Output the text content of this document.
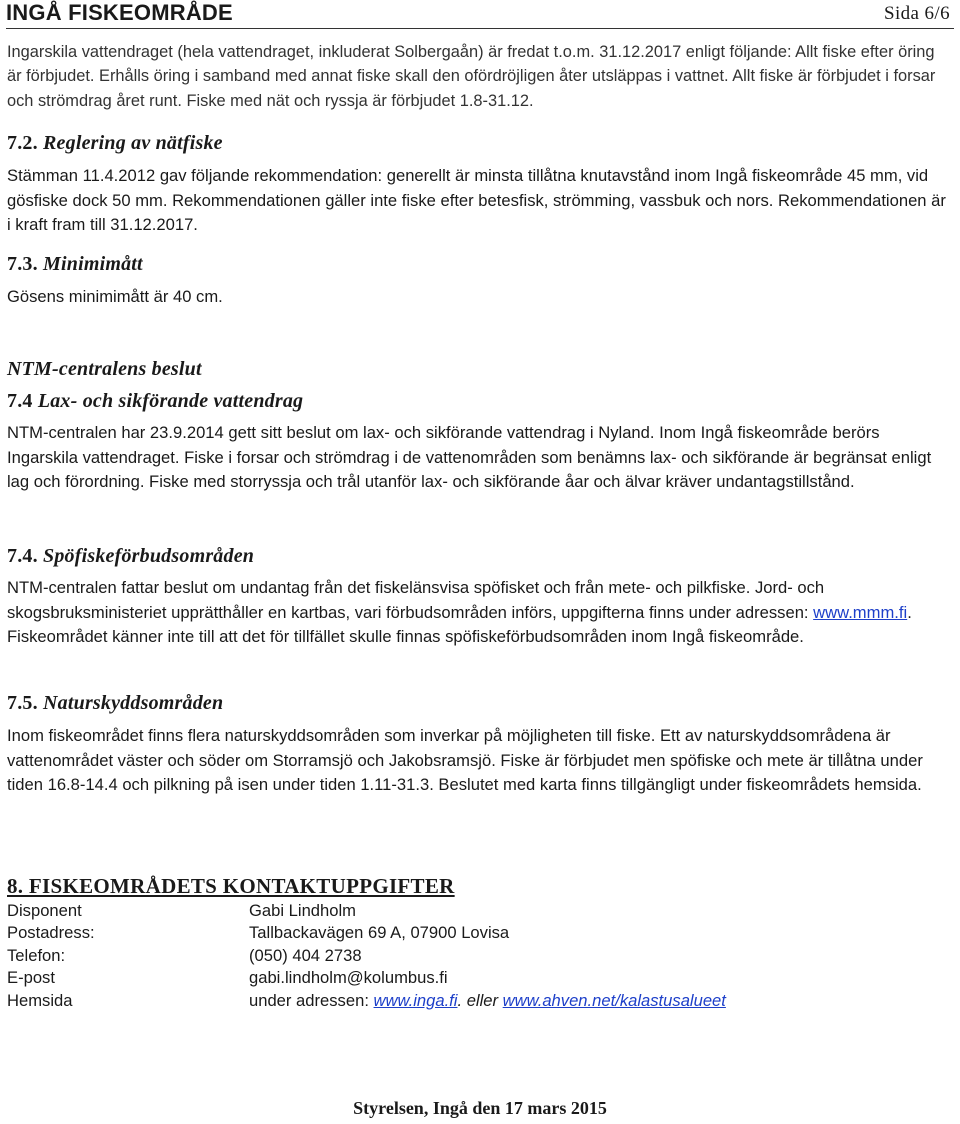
INGÅ FISKEOMRÅDE	Sida 6/6
Ingarskila vattendraget (hela vattendraget, inkluderat Solbergaån) är fredat t.o.m. 31.12.2017 enligt följande: Allt fiske efter öring är förbjudet. Erhålls öring i samband med annat fiske skall den ofördröjligen åter utsläppas i vattnet. Allt fiske är förbjudet i forsar och strömdrag året runt. Fiske med nät och ryssja är förbjudet 1.8-31.12.
7.2. Reglering av nätfiske
Stämman 11.4.2012 gav följande rekommendation: generellt är minsta tillåtna knutavstånd inom Ingå fiskeområde 45 mm, vid gösfiske dock 50 mm. Rekommendationen gäller inte fiske efter betesfisk, strömming, vassbuk och nors. Rekommendationen är i kraft fram till 31.12.2017.
7.3. Minimimått
Gösens minimimått är 40 cm.
NTM-centralens beslut
7.4 Lax- och sikförande vattendrag
NTM-centralen har 23.9.2014 gett sitt beslut om lax- och sikförande vattendrag i Nyland. Inom Ingå fiskeområde berörs Ingarskila vattendraget. Fiske i forsar och strömdrag i de vattenområden som benämns lax- och sikförande är begränsat enligt lag och förordning. Fiske med storryssja och trål utanför lax- och sikförande åar och älvar kräver undantagstillstånd.
7.4. Spöfiskeförbudsområden
NTM-centralen fattar beslut om undantag från det fiskelänsvisa spöfisket och från mete- och pilkfiske. Jord- och skogsbruksministeriet upprätthåller en kartbas, vari förbudsområden införs, uppgifterna finns under adressen: www.mmm.fi. Fiskeområdet känner inte till att det för tillfället skulle finnas spöfiskeförbudsområden inom Ingå fiskeområde.
7.5. Naturskyddsområden
Inom fiskeområdet finns flera naturskyddsområden som inverkar på möjligheten till fiske. Ett av naturskyddsområdena är vattenområdet väster och söder om Storramsjö och Jakobsramsjö. Fiske är förbjudet men spöfiske och mete är tillåtna under tiden 16.8-14.4 och pilkning på isen under tiden 1.11-31.3. Beslutet med karta finns tillgängligt under fiskeområdets hemsida.
8. FISKEOMRÅDETS KONTAKTUPPGIFTER
Disponent	Gabi Lindholm
Postadress:	Tallbackavägen 69 A, 07900 Lovisa
Telefon:	(050) 404 2738
E-post	gabi.lindholm@kolumbus.fi
Hemsida	under adressen: www.inga.fi. eller www.ahven.net/kalastusalueet
Styrelsen, Ingå den 17 mars 2015
